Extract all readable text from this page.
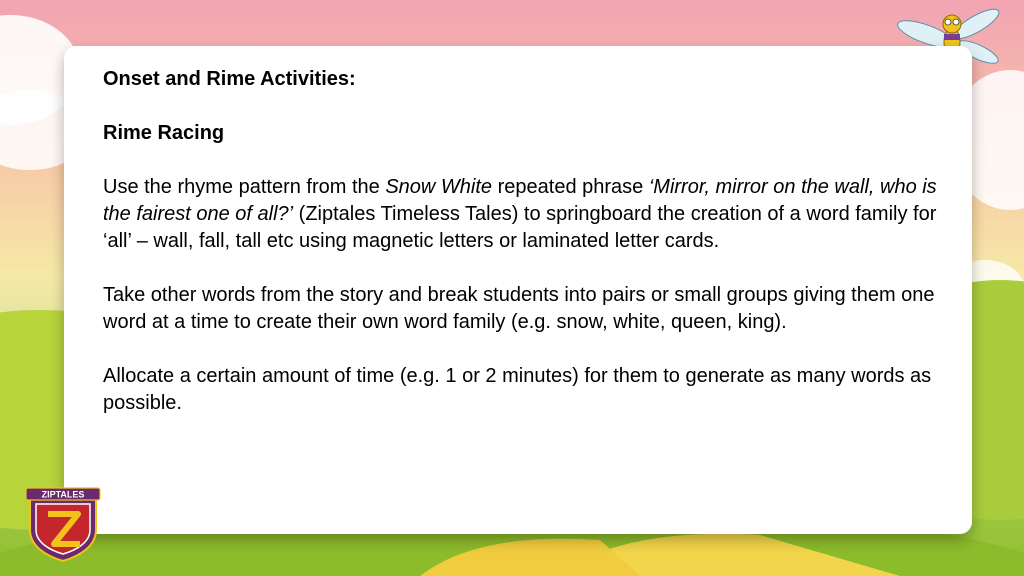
Onset and Rime Activities:

Rime Racing

Use the rhyme pattern from the Snow White repeated phrase ‘Mirror, mirror on the wall, who is the fairest one of all?’ (Ziptales Timeless Tales) to springboard the creation of a word family for ‘all’ – wall, fall, tall etc using magnetic letters or laminated letter cards.

Take other words from the story and break students into pairs or small groups giving them one word at a time to create their own word family (e.g. snow, white, queen, king).

Allocate a certain amount of time (e.g. 1 or 2 minutes) for them to generate as many words as possible.

ZIPTALES
